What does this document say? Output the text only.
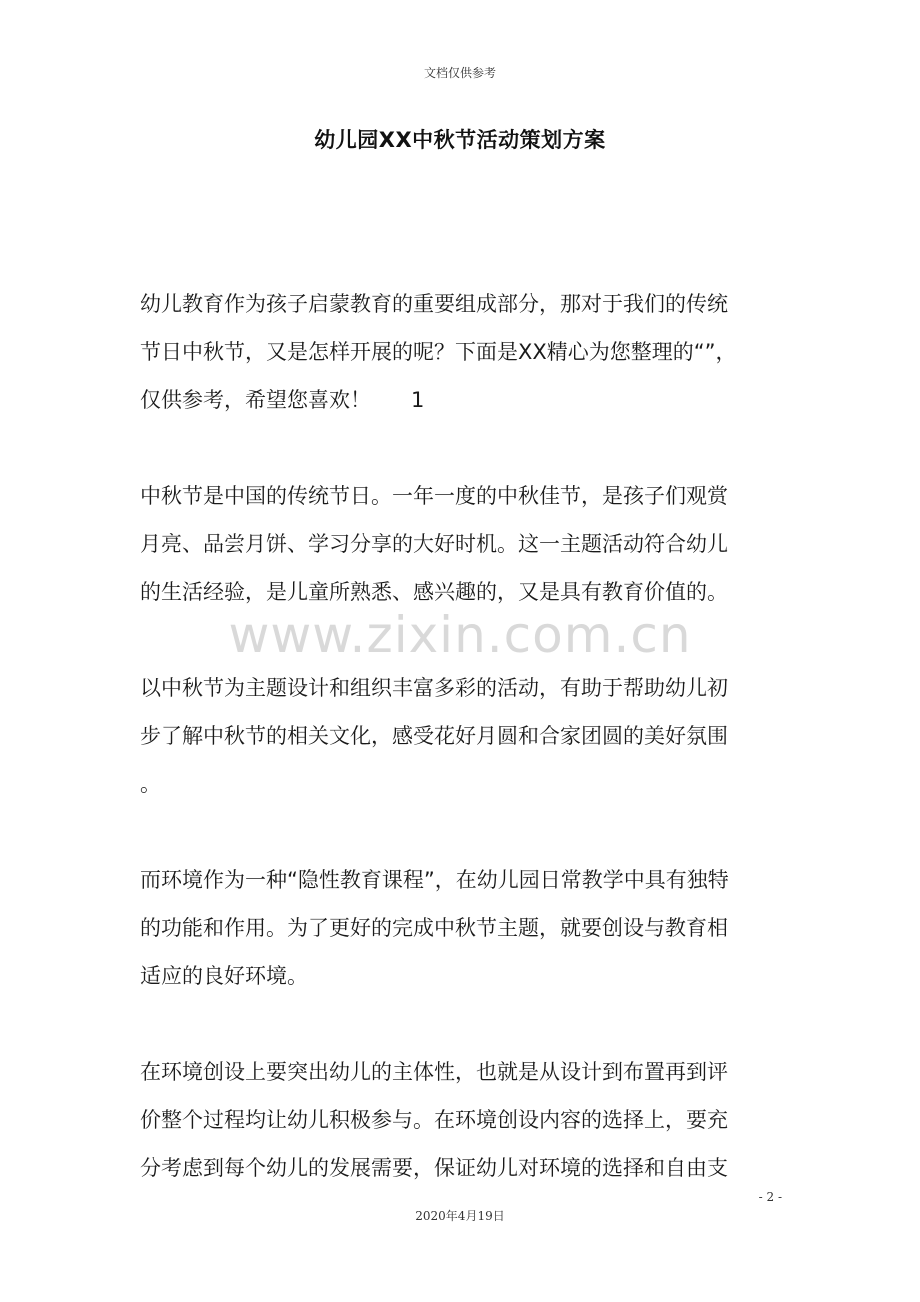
文档仅供参考
幼儿园XX中秋节活动策划方案
www.zixin.com.cn

幼儿教育作为孩子启蒙教育的重要组成部分，那对于我们的传统
节日中秋节，又是怎样开展的呢？下面是XX精心为您整理的“”，
仅供参考，希望您喜欢！ 1

中秋节是中国的传统节日。一年一度的中秋佳节，是孩子们观赏
月亮、品尝月饼、学习分享的大好时机。这一主题活动符合幼儿
的生活经验，是儿童所熟悉、感兴趣的，又是具有教育价值的。

以中秋节为主题设计和组织丰富多彩的活动，有助于帮助幼儿初
步了解中秋节的相关文化，感受花好月圆和合家团圆的美好氛围
。

而环境作为一种“隐性教育课程”，在幼儿园日常教学中具有独特
的功能和作用。为了更好的完成中秋节主题，就要创设与教育相
适应的良好环境。

在环境创设上要突出幼儿的主体性，也就是从设计到布置再到评
价整个过程均让幼儿积极参与。在环境创设内容的选择上，要充
分考虑到每个幼儿的发展需要，保证幼儿对环境的选择和自由支

- 2 -
2020年4月19日
